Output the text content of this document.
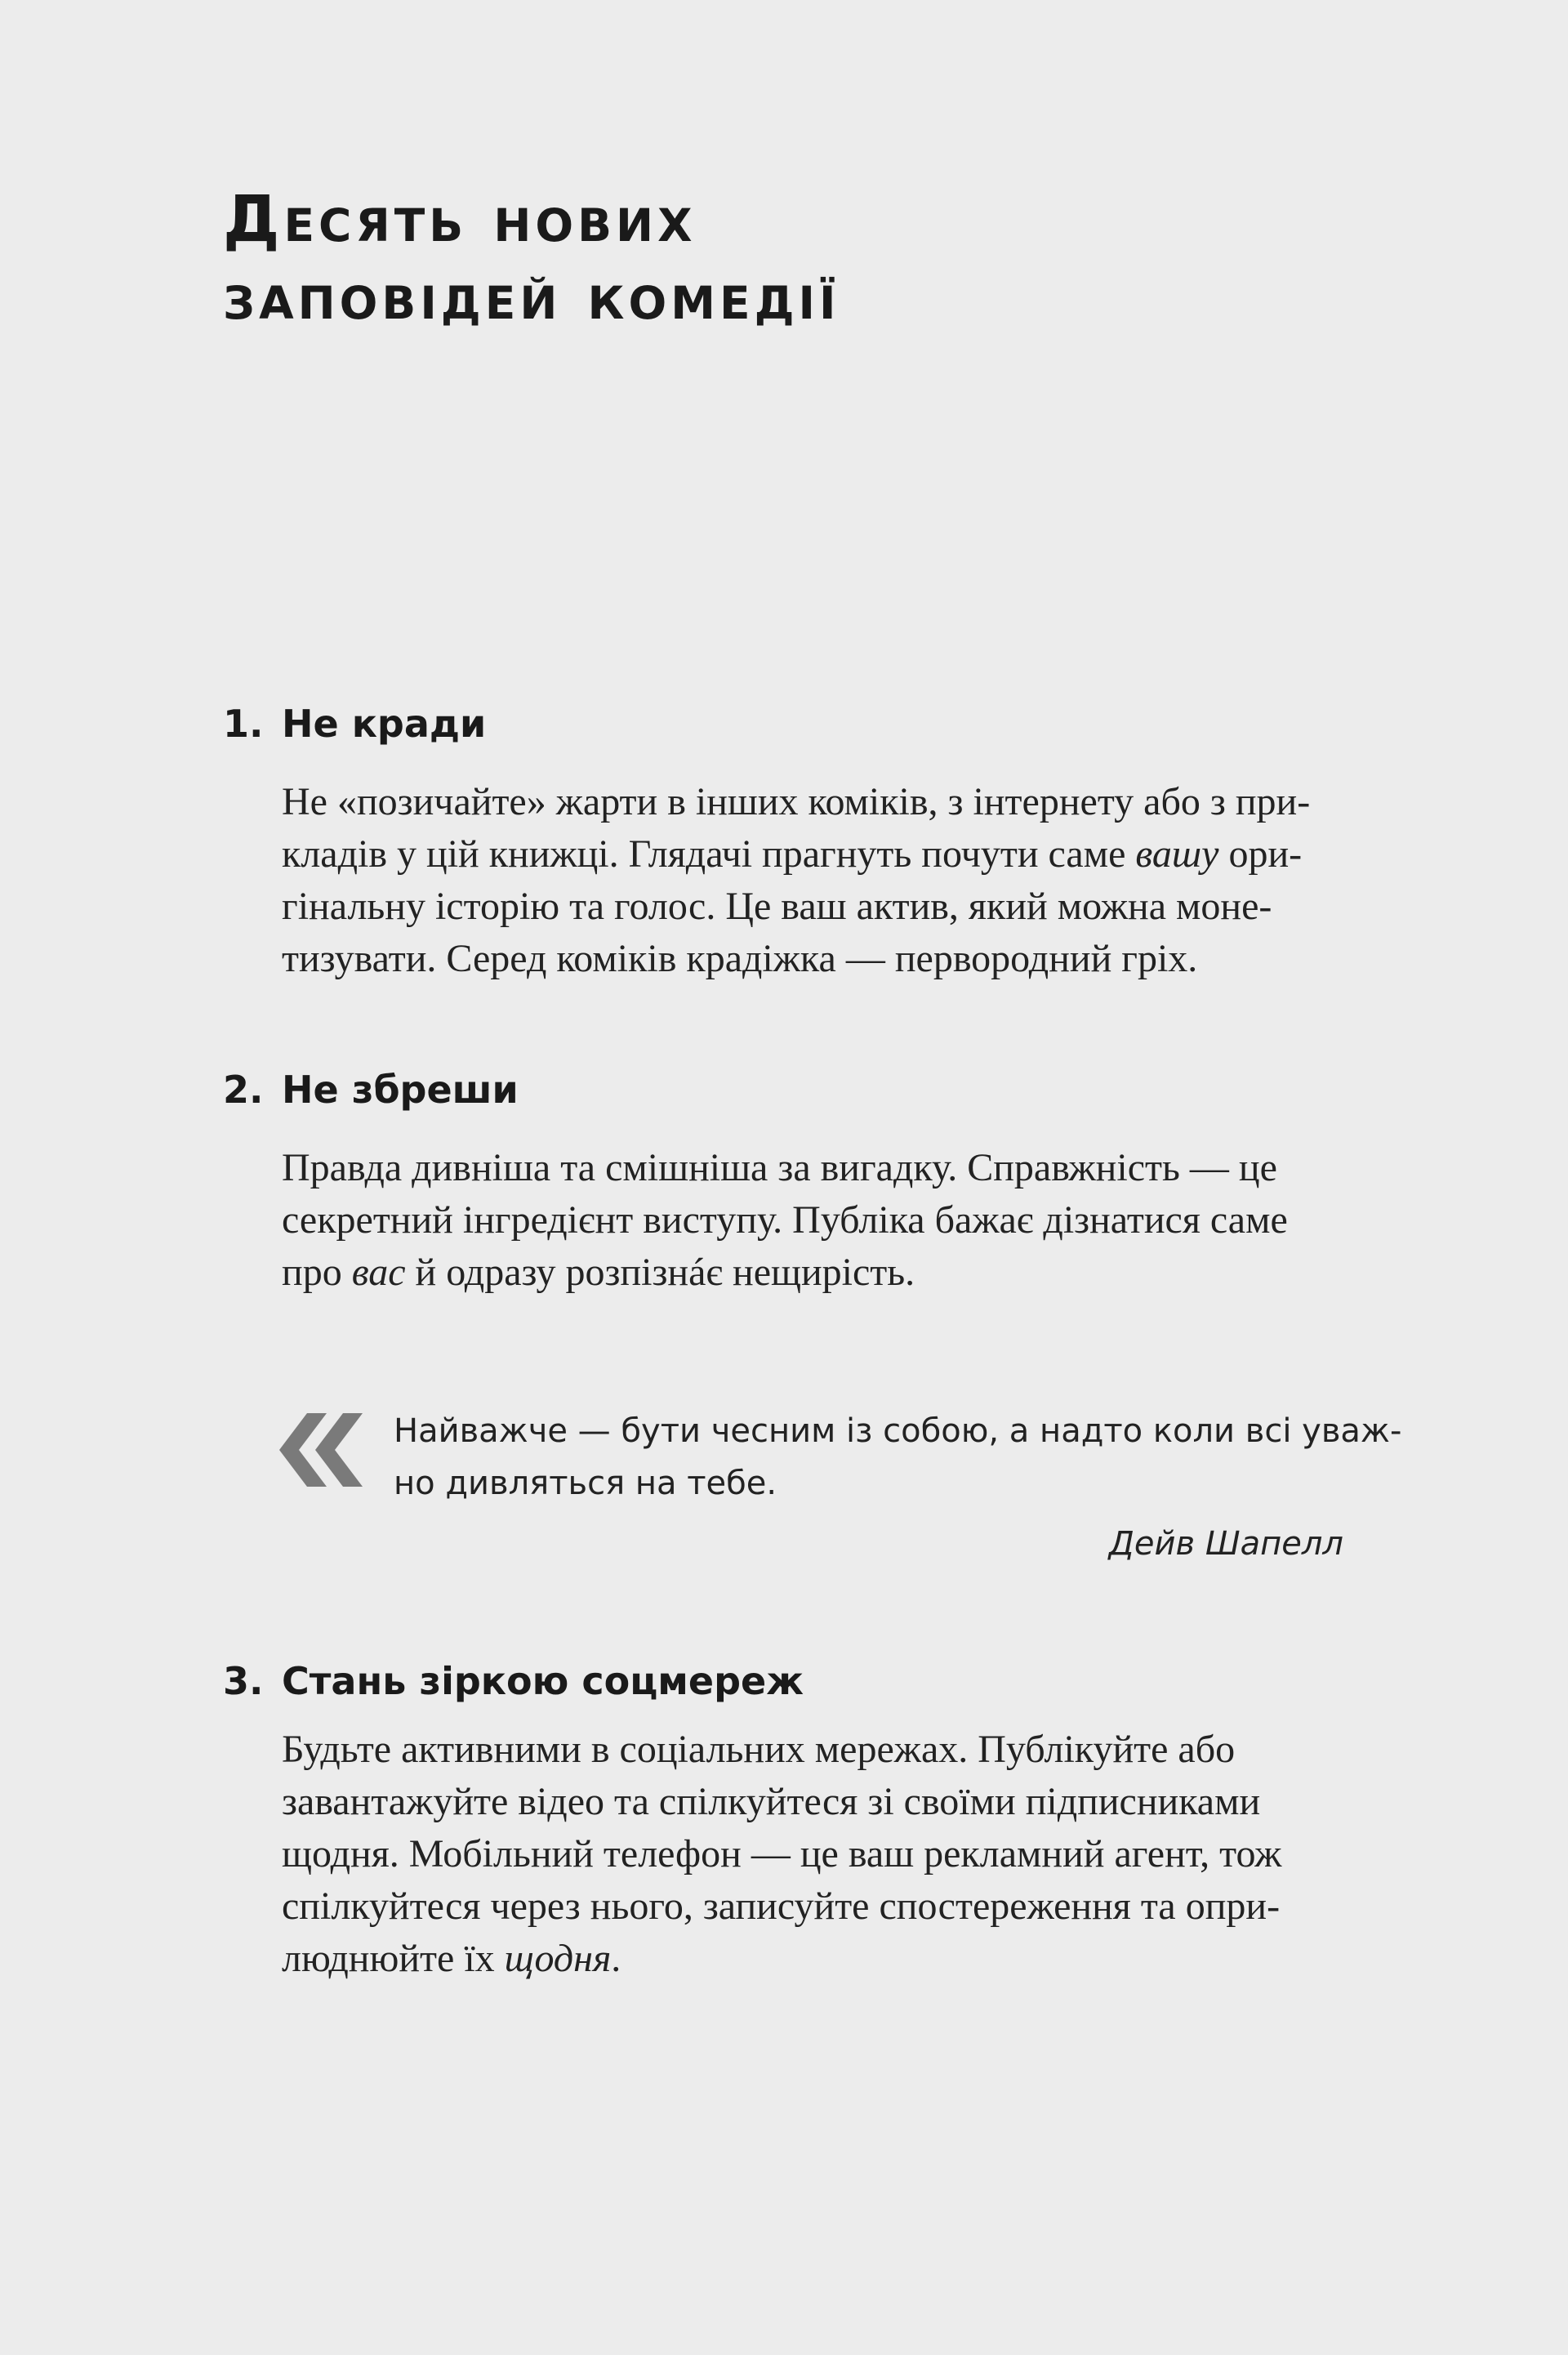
Десять нових
заповідей комедії
1. Не кради
Не «позичайте» жарти в інших коміків, з інтернету або з при-
кладів у цій книжці. Глядачі прагнуть почути саме вашу ори-
гінальну історію та голос. Це ваш актив, який можна моне-
тизувати. Серед коміків крадіжка — первородний гріх.
2. Не збреши
Правда дивніша та смішніша за вигадку. Справжність — це
секретний інгредієнт виступу. Публіка бажає дізнатися саме
про вас й одразу розпізнáє нещирість.

Найважче — бути чесним із собою, а надто коли всі уваж-
но дивляться на тебе.

Дейв Шапелл
3. Стань зіркою соцмереж
Будьте активними в соціальних мережах. Публікуйте або
завантажуйте відео та спілкуйтеся зі своїми підписниками
щодня. Мобільний телефон — це ваш рекламний агент, тож
спілкуйтеся через нього, записуйте спостереження та опри-
люднюйте їх щодня.
